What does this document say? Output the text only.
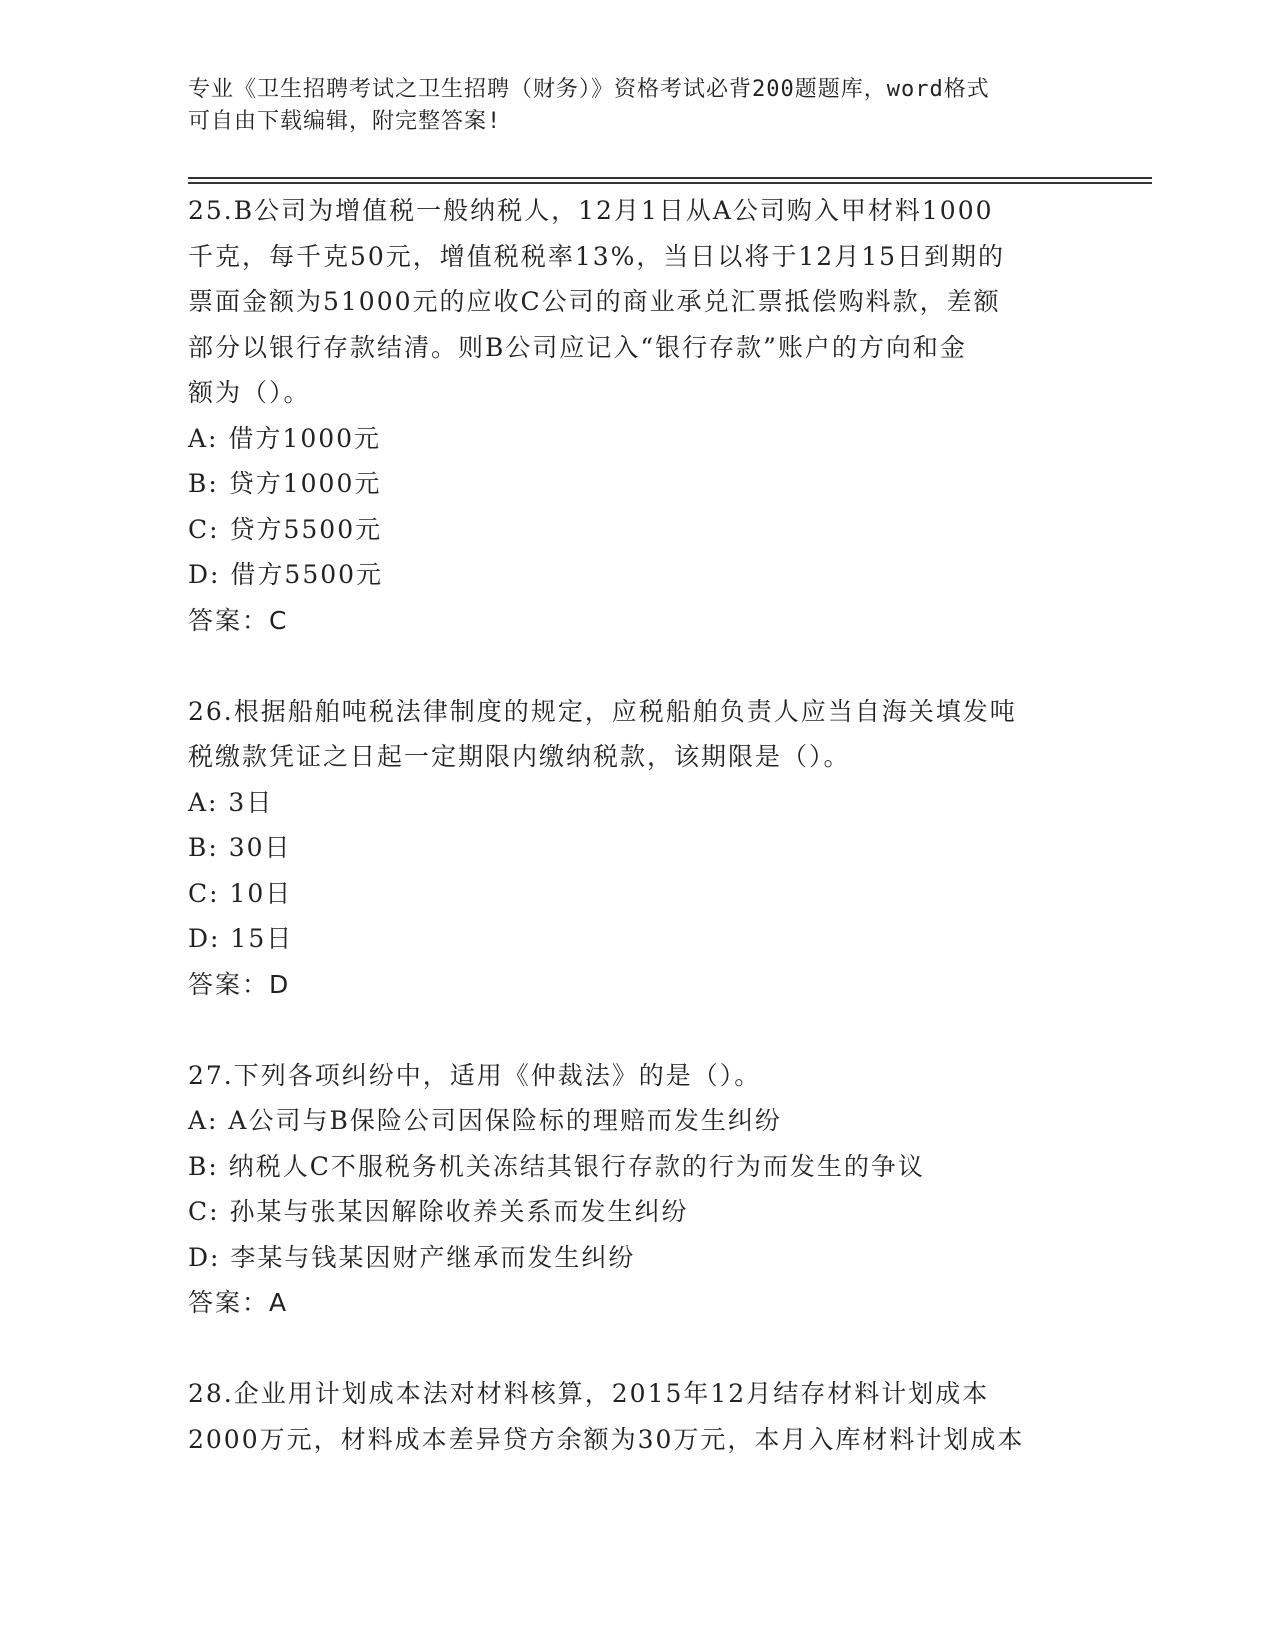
专业《卫生招聘考试之卫生招聘（财务）》资格考试必背200题题库，word格式
可自由下载编辑，附完整答案!
25.B公司为增值税一般纳税人，12月1日从A公司购入甲材料1000
千克，每千克50元，增值税税率13%，当日以将于12月15日到期的
票面金额为51000元的应收C公司的商业承兑汇票抵偿购料款，差额
部分以银行存款结清。则B公司应记入“银行存款”账户的方向和金
额为（）。
A: 借方1000元
B: 贷方1000元
C: 贷方5500元
D: 借方5500元
答案：C
26.根据船舶吨税法律制度的规定，应税船舶负责人应当自海关填发吨
税缴款凭证之日起一定期限内缴纳税款，该期限是（）。
A: 3日
B: 30日
C: 10日
D: 15日
答案：D
27.下列各项纠纷中，适用《仲裁法》的是（）。
A: A公司与B保险公司因保险标的理赔而发生纠纷
B: 纳税人C不服税务机关冻结其银行存款的行为而发生的争议
C: 孙某与张某因解除收养关系而发生纠纷
D: 李某与钱某因财产继承而发生纠纷
答案：A
28.企业用计划成本法对材料核算，2015年12月结存材料计划成本
2000万元，材料成本差异贷方余额为30万元，本月入库材料计划成本
